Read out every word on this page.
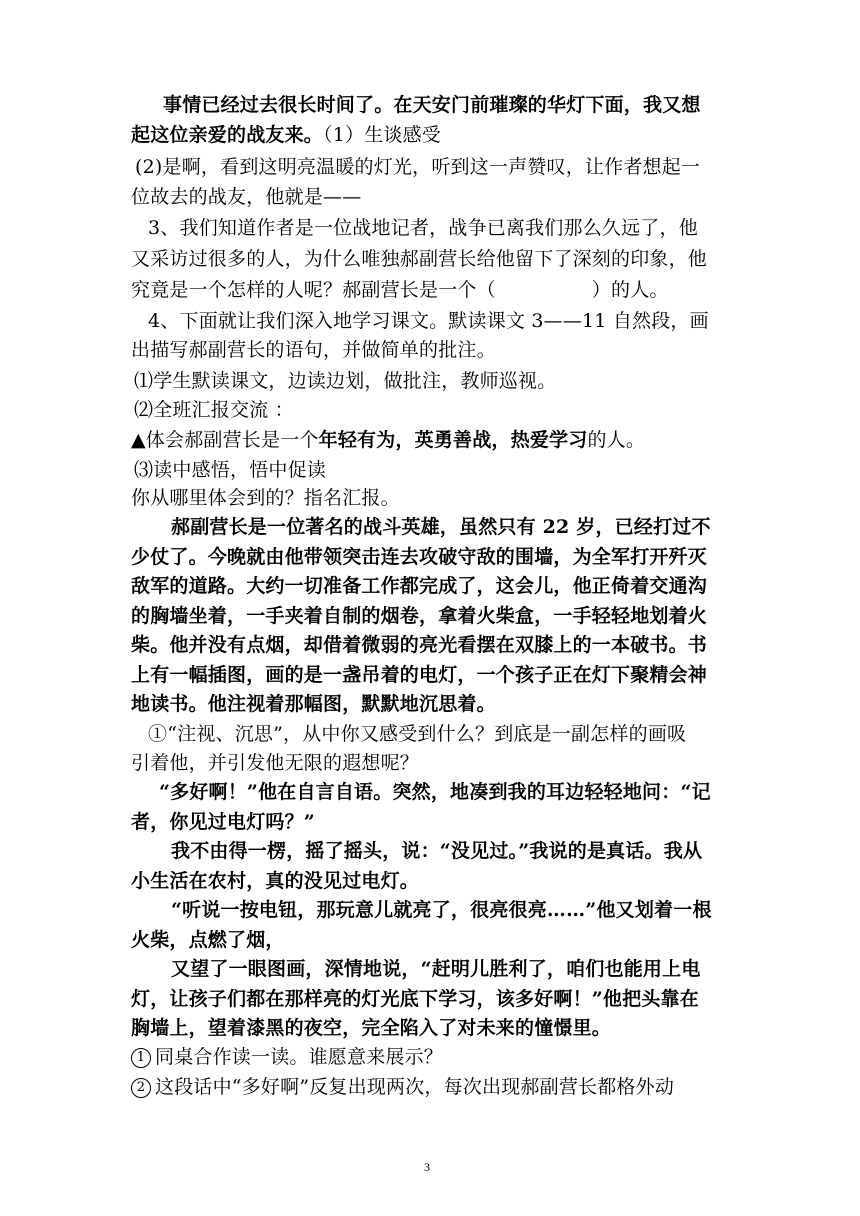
事情已经过去很长时间了。在天安门前璀璨的华灯下面，我又想
起这位亲爱的战友来。（1）生谈感受
(2)是啊，看到这明亮温暖的灯光，听到这一声赞叹，让作者想起一
位故去的战友，他就是——
3、我们知道作者是一位战地记者，战争已离我们那么久远了，他
又采访过很多的人，为什么唯独郝副营长给他留下了深刻的印象，他
究竟是一个怎样的人呢？郝副营长是一个（　　　　　）的人。
4、下面就让我们深入地学习课文。默读课文 3——11 自然段，画
出描写郝副营长的语句，并做简单的批注。
⑴学生默读课文，边读边划，做批注，教师巡视。
⑵全班汇报交流 ：
▲体会郝副营长是一个年轻有为，英勇善战，热爱学习的人。
⑶读中感悟，悟中促读
你从哪里体会到的？指名汇报。
郝副营长是一位著名的战斗英雄，虽然只有 22 岁，已经打过不
少仗了。今晚就由他带领突击连去攻破守敌的围墙，为全军打开歼灭
敌军的道路。大约一切准备工作都完成了，这会儿，他正倚着交通沟
的胸墙坐着，一手夹着自制的烟卷，拿着火柴盒，一手轻轻地划着火
柴。他并没有点烟，却借着微弱的亮光看摆在双膝上的一本破书。书
上有一幅插图，画的是一盏吊着的电灯，一个孩子正在灯下聚精会神
地读书。他注视着那幅图，默默地沉思着。
①“注视、沉思”，从中你又感受到什么？到底是一副怎样的画吸
引着他，并引发他无限的遐想呢？
“多好啊！”他在自言自语。突然，地凑到我的耳边轻轻地问：“记
者，你见过电灯吗？”
我不由得一楞，摇了摇头，说：“没见过。”我说的是真话。我从
小生活在农村，真的没见过电灯。
“听说一按电钮，那玩意儿就亮了，很亮很亮……”他又划着一根
火柴，点燃了烟，
又望了一眼图画，深情地说，“赶明儿胜利了，咱们也能用上电
灯，让孩子们都在那样亮的灯光底下学习，该多好啊！”他把头靠在
胸墙上，望着漆黑的夜空，完全陷入了对未来的憧憬里。
1 同桌合作读一读。谁愿意来展示？
2 这段话中“多好啊”反复出现两次，每次出现郝副营长都格外动
3
